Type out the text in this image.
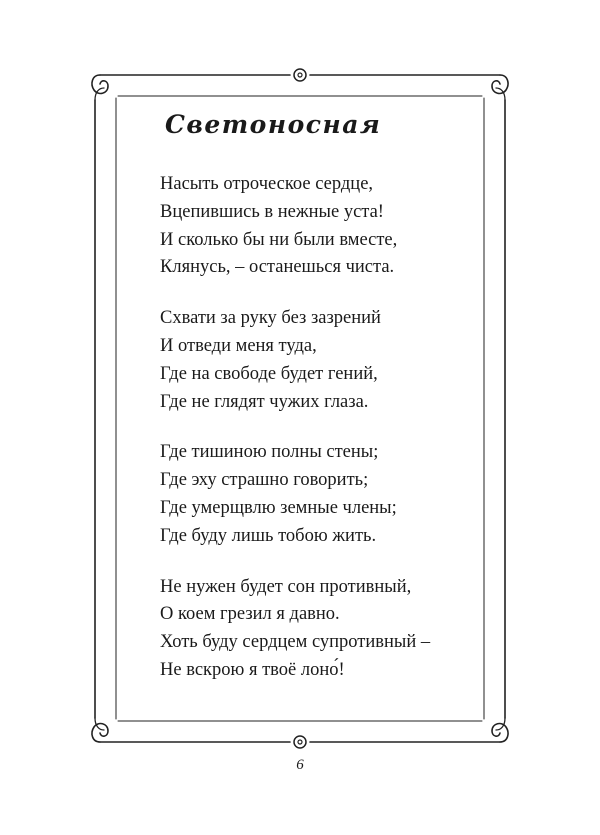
Светоносная
Насыть отроческое сердце,
Вцепившись в нежные уста!
И сколько бы ни были вместе,
Клянусь, – останешься чиста.
Схвати за руку без зазрений
И отведи меня туда,
Где на свободе будет гений,
Где не глядят чужих глаза.
Где тишиною полны стены;
Где эху страшно говорить;
Где умерщвлю земные члены;
Где буду лишь тобою жить.
Не нужен будет сон противный,
О коем грезил я давно.
Хоть буду сердцем супротивный –
Не вскрою я твоё лоно́!
6
